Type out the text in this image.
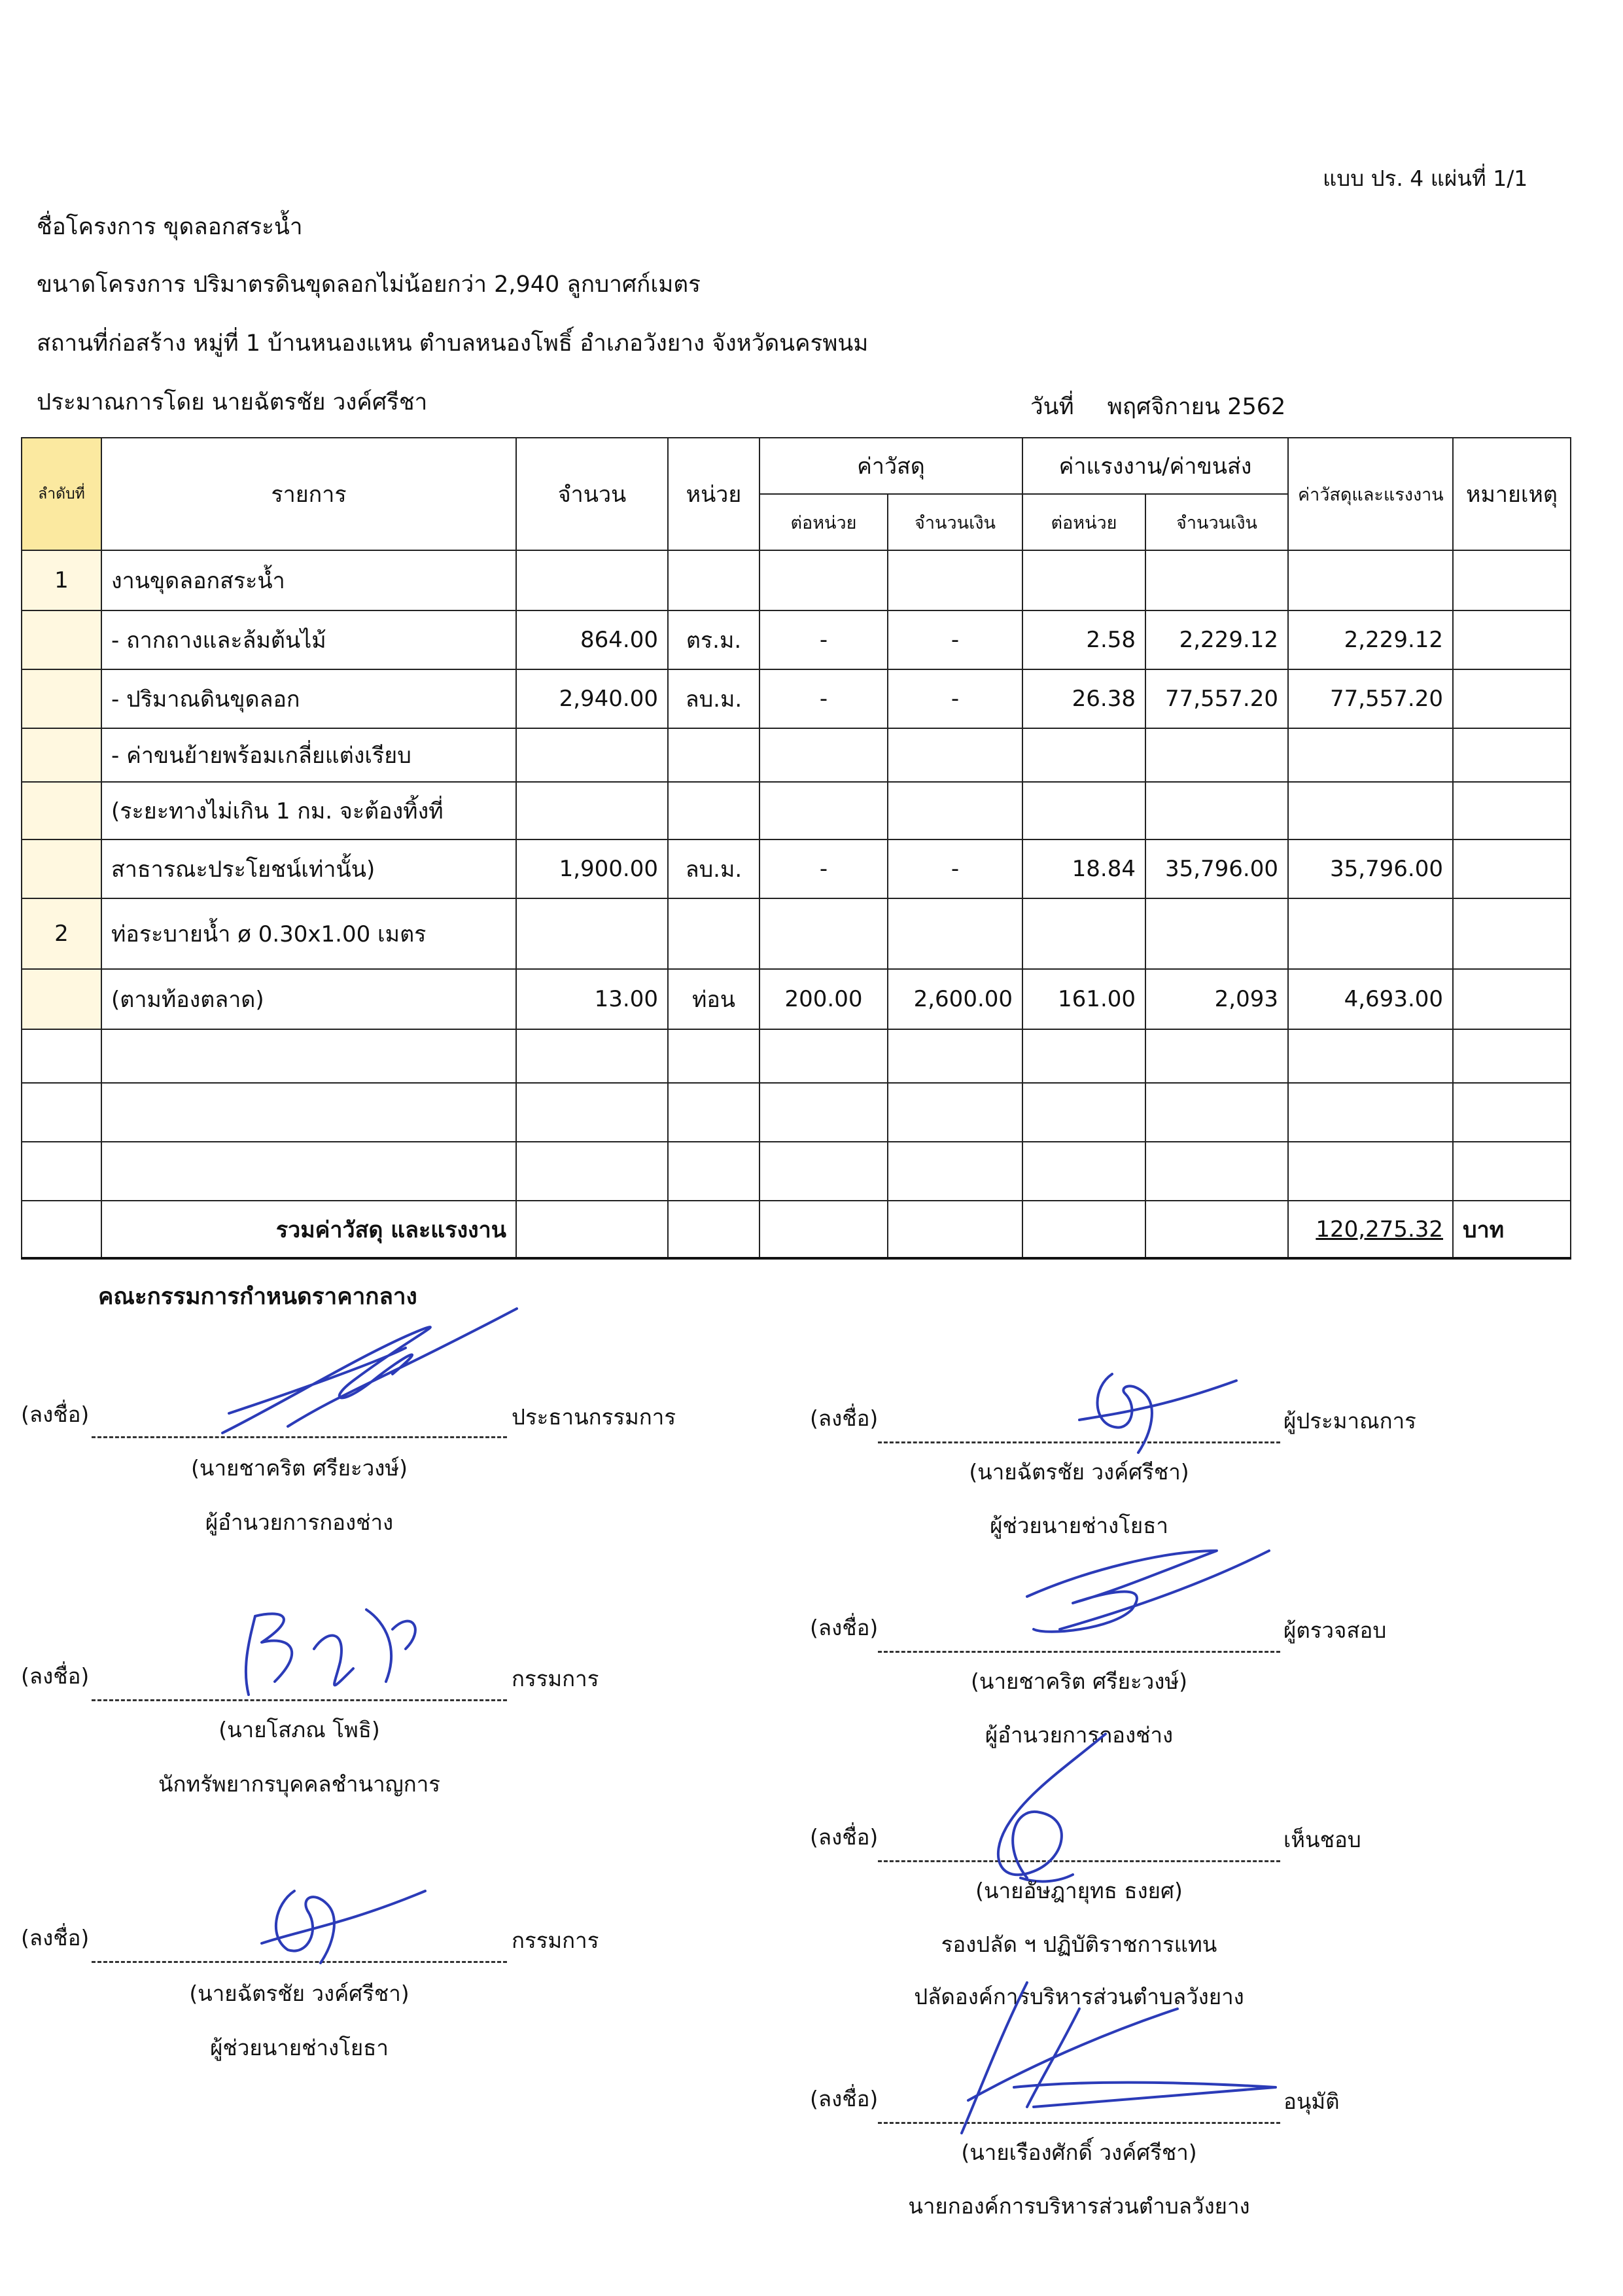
แบบ ปร. 4 แผ่นที่ 1/1
ชื่อโครงการ ขุดลอกสระน้ำ
ขนาดโครงการ ปริมาตรดินขุดลอกไม่น้อยกว่า 2,940 ลูกบาศก์เมตร
สถานที่ก่อสร้าง หมู่ที่ 1 บ้านหนองแหน ตำบลหนองโพธิ์ อำเภอวังยาง จังหวัดนครพนม
ประมาณการโดย นายฉัตรชัย วงค์ศรีชา	วันที่ พฤศจิกายน 2562
ลำดับที่	รายการ	จำนวน	หน่วย	ค่าวัสดุ		ค่าแรงงาน/ค่าขนส่ง		ค่าวัสดุและแรงงาน	หมายเหตุ
				ต่อหน่วย	จำนวนเงิน	ต่อหน่วย	จำนวนเงิน		
1	งานขุดลอกสระน้ำ								
	- ถากถางและล้มต้นไม้	864.00	ตร.ม.	-	-	2.58	2,229.12	2,229.12	
	- ปริมาณดินขุดลอก	2,940.00	ลบ.ม.	-	-	26.38	77,557.20	77,557.20	
	- ค่าขนย้ายพร้อมเกลี่ยแต่งเรียบ								
	(ระยะทางไม่เกิน 1 กม. จะต้องทิ้งที่								
	สาธารณะประโยชน์เท่านั้น)	1,900.00	ลบ.ม.	-	-	18.84	35,796.00	35,796.00	
2	ท่อระบายน้ำ ø 0.30x1.00 เมตร								
	(ตามท้องตลาด)	13.00	ท่อน	200.00	2,600.00	161.00	2,093	4,693.00	

	รวมค่าวัสดุ และแรงงาน							120,275.32	บาท
คณะกรรมการกำหนดราคากลาง
(ลงชื่อ)	ประธานกรรมการ
(นายชาคริต ศรียะวงษ์)
ผู้อำนวยการกองช่าง
(ลงชื่อ)	กรรมการ
(นายโสภณ โพธิ)
นักทรัพยากรบุคคลชำนาญการ
(ลงชื่อ)	กรรมการ
(นายฉัตรชัย วงค์ศรีชา)
ผู้ช่วยนายช่างโยธา
(ลงชื่อ)	ผู้ประมาณการ
(นายฉัตรชัย วงค์ศรีชา)
ผู้ช่วยนายช่างโยธา
(ลงชื่อ)	ผู้ตรวจสอบ
(นายชาคริต ศรียะวงษ์)
ผู้อำนวยการกองช่าง
(ลงชื่อ)	เห็นชอบ
(นายอัษฎายุทธ ธงยศ)
รองปลัด ฯ ปฏิบัติราชการแทน
ปลัดองค์การบริหารส่วนตำบลวังยาง
(ลงชื่อ)	อนุมัติ
(นายเรืองศักดิ์ วงค์ศรีชา)
นายกองค์การบริหารส่วนตำบลวังยาง
